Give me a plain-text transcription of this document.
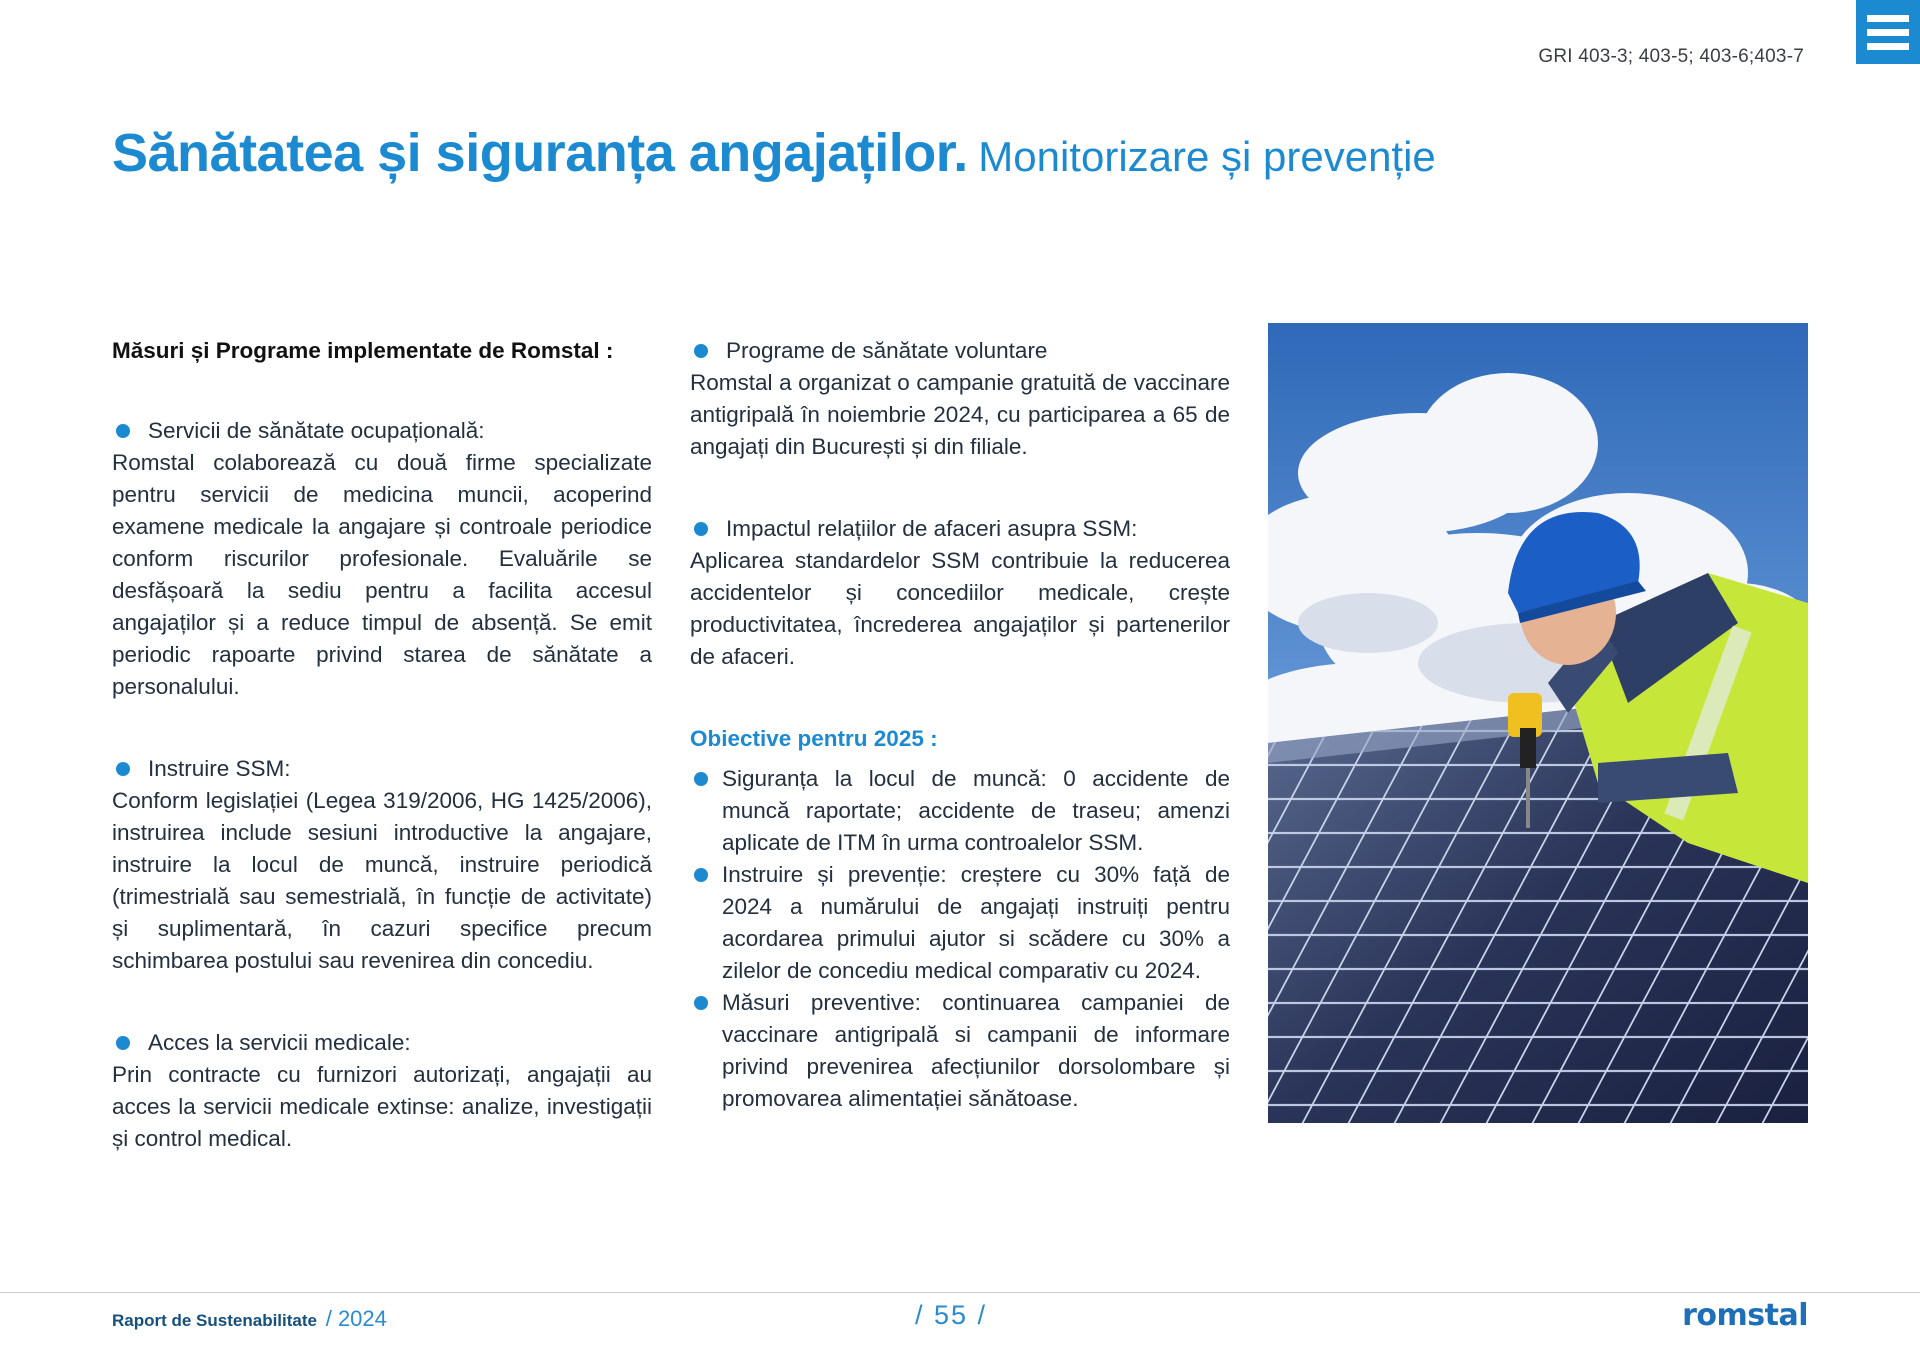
GRI 403-3; 403-5; 403-6;403-7
Sănătatea și siguranța angajaților. Monitorizare și prevenție
Măsuri și Programe implementate de Romstal :
Servicii de sănătate ocupațională:

Romstal colaborează cu două firme specializate pentru servicii de medicina muncii, acoperind examene medicale la angajare și controale periodice conform riscurilor profesionale. Evaluările se desfășoară la sediu pentru a facilita accesul angajaților și a reduce timpul de absență. Se emit periodic rapoarte privind starea de sănătate a personalului.

Instruire SSM:

Conform legislației (Legea 319/2006, HG 1425/2006), instruirea include sesiuni introductive la angajare, instruire la locul de muncă, instruire periodică (trimestrială sau semestrială, în funcție de activitate) și suplimentară, în cazuri specifice precum schimbarea postului sau revenirea din concediu.

Acces la servicii medicale:

Prin contracte cu furnizori autorizați, angajații au acces la servicii medicale extinse: analize, investigații și control medical.

Programe de sănătate voluntare

Romstal a organizat o campanie gratuită de vaccinare antigripală în noiembrie 2024, cu participarea a 65 de angajați din București și din filiale.

Impactul relațiilor de afaceri asupra SSM:

Aplicarea standardelor SSM contribuie la reducerea accidentelor și concediilor medicale, crește productivitatea, încrederea angajaților și partenerilor de afaceri.

Obiective pentru 2025 :
Siguranța la locul de muncă: 0 accidente de muncă raportate; accidente de traseu; amenzi aplicate de ITM în urma controalelor SSM.
Instruire și prevenție: creștere cu 30% față de 2024 a numărului de angajați instruiți pentru acordarea primului ajutor si scădere cu 30% a zilelor de concediu medical comparativ cu 2024.
Măsuri preventive: continuarea campaniei de vaccinare antigripală si campanii de informare privind prevenirea afecțiunilor dorsolombare și promovarea alimentației sănătoase.
Raport de Sustenabilitate / 2024	/ 55 /	romstal
